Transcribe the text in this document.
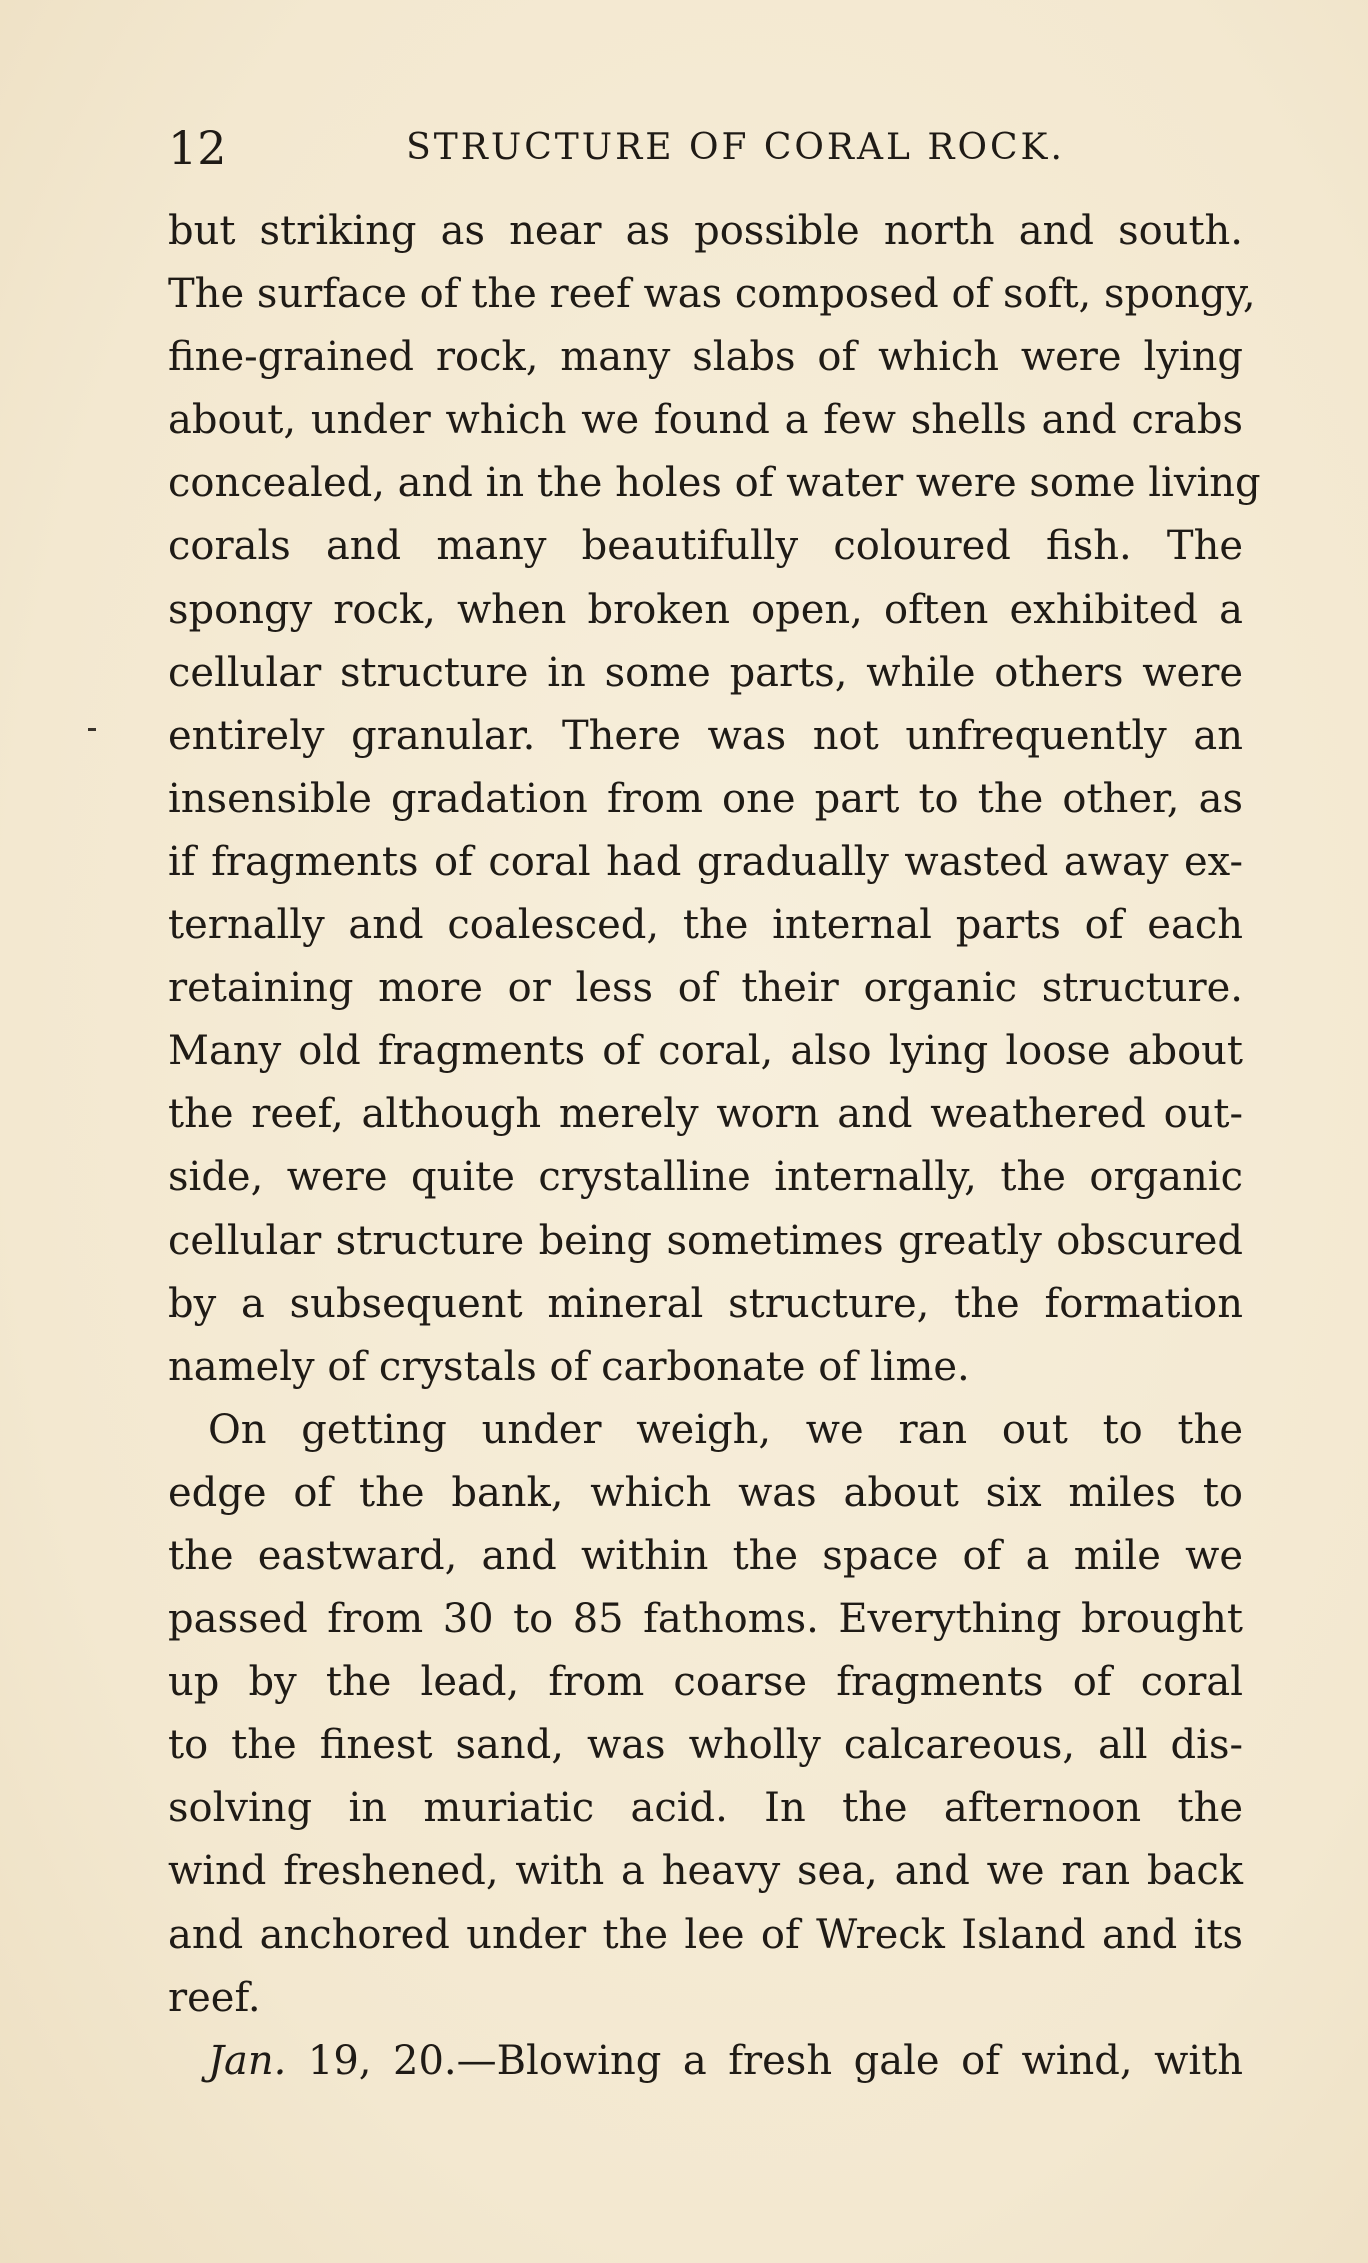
12	STRUCTURE OF CORAL ROCK.
but striking as near as possible north and south.
The surface of the reef was composed of soft, spongy,
fine-grained rock, many slabs of which were lying
about, under which we found a few shells and crabs
concealed, and in the holes of water were some living
corals and many beautifully coloured fish. The
spongy rock, when broken open, often exhibited a
cellular structure in some parts, while others were
entirely granular. There was not unfrequently an
insensible gradation from one part to the other, as
if fragments of coral had gradually wasted away ex-
ternally and coalesced, the internal parts of each
retaining more or less of their organic structure.
Many old fragments of coral, also lying loose about
the reef, although merely worn and weathered out-
side, were quite crystalline internally, the organic
cellular structure being sometimes greatly obscured
by a subsequent mineral structure, the formation
namely of crystals of carbonate of lime.
On getting under weigh, we ran out to the
edge of the bank, which was about six miles to
the eastward, and within the space of a mile we
passed from 30 to 85 fathoms. Everything brought
up by the lead, from coarse fragments of coral
to the finest sand, was wholly calcareous, all dis-
solving in muriatic acid. In the afternoon the
wind freshened, with a heavy sea, and we ran back
and anchored under the lee of Wreck Island and its
reef.
Jan. 19, 20.—Blowing a fresh gale of wind, with
